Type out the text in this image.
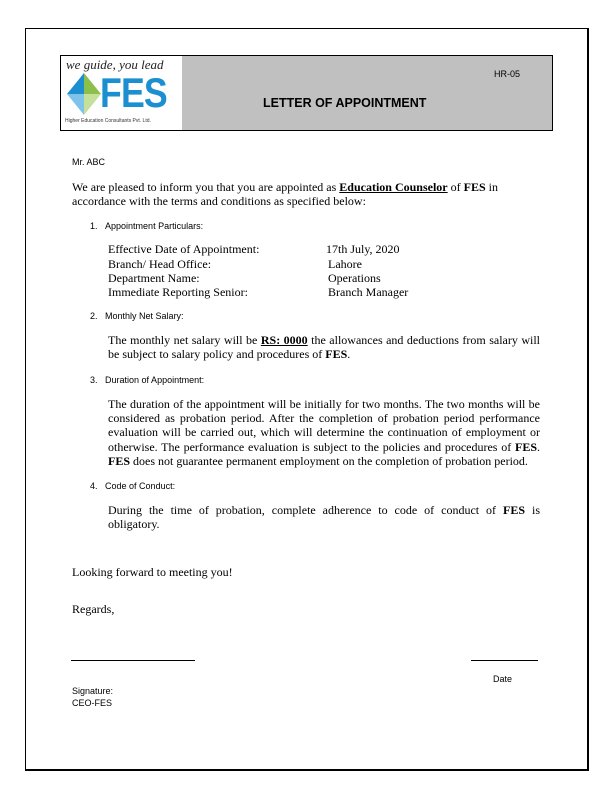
we guide, you lead
FES
Higher Education Consultants Pvt. Ltd.
HR-05
LETTER OF APPOINTMENT
Mr. ABC
We are pleased to inform you that you are appointed as Education Counselor of FES in accordance with the terms and conditions as specified below:
1. Appointment Particulars:
Effective Date of Appointment:	17th July, 2020
Branch/ Head Office:	Lahore
Department Name:	Operations
Immediate Reporting Senior:	Branch Manager
2. Monthly Net Salary:
The monthly net salary will be RS: 0000 the allowances and deductions from salary will be subject to salary policy and procedures of FES.
3. Duration of Appointment:
The duration of the appointment will be initially for two months. The two months will be considered as probation period. After the completion of probation period performance evaluation will be carried out, which will determine the continuation of employment or otherwise. The performance evaluation is subject to the policies and procedures of FES. FES does not guarantee permanent employment on the completion of probation period.
4. Code of Conduct:
During the time of probation, complete adherence to code of conduct of FES is obligatory.
Looking forward to meeting you!
Regards,
Date
Signature:
CEO-FES
